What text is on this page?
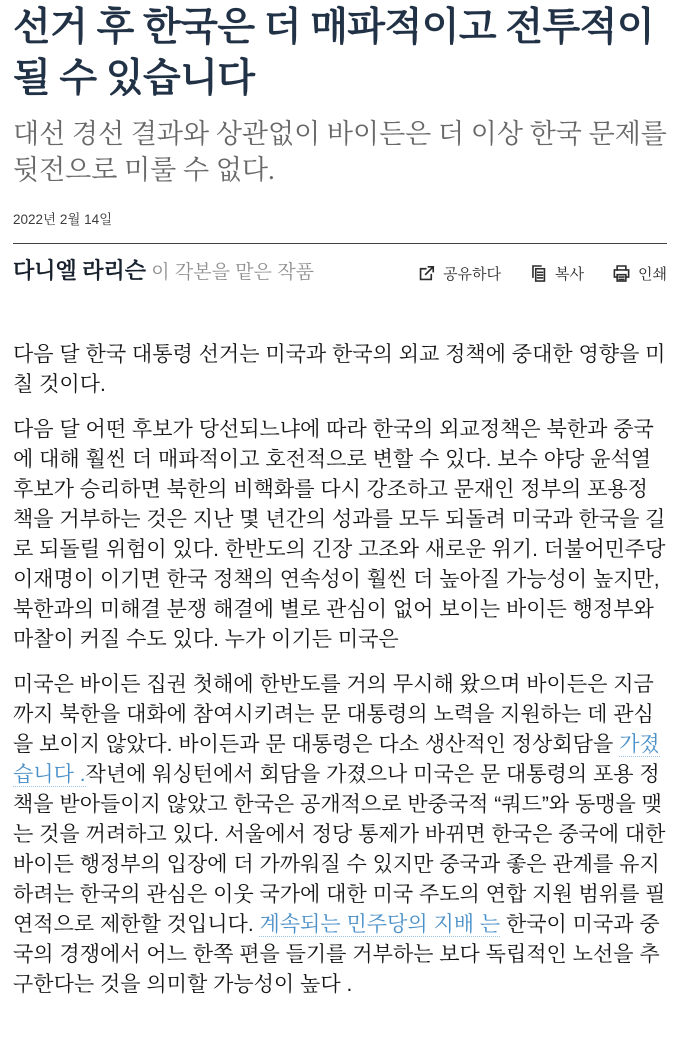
선거 후 한국은 더 매파적이고 전투적이 될 수 있습니다

대선 경선 결과와 상관없이 바이든은 더 이상 한국 문제를 뒷전으로 미룰 수 없다.

2022년 2월 14일
다니엘 라리슨 이 각본을 맡은 작품	공유하다	복사	인쇄

다음 달 한국 대통령 선거는 미국과 한국의 외교 정책에 중대한 영향을 미칠 것이다.

다음 달 어떤 후보가 당선되느냐에 따라 한국의 외교정책은 북한과 중국에 대해 훨씬 더 매파적이고 호전적으로 변할 수 있다. 보수 야당 윤석열 후보가 승리하면 북한의 비핵화를 다시 강조하고 문재인 정부의 포용정책을 거부하는 것은 지난 몇 년간의 성과를 모두 되돌려 미국과 한국을 길로 되돌릴 위험이 있다. 한반도의 긴장 고조와 새로운 위기. 더불어민주당 이재명이 이기면 한국 정책의 연속성이 훨씬 더 높아질 가능성이 높지만, 북한과의 미해결 분쟁 해결에 별로 관심이 없어 보이는 바이든 행정부와 마찰이 커질 수도 있다. 누가 이기든 미국은

미국은 바이든 집권 첫해에 한반도를 거의 무시해 왔으며 바이든은 지금까지 북한을 대화에 참여시키려는 문 대통령의 노력을 지원하는 데 관심을 보이지 않았다. 바이든과 문 대통령은 다소 생산적인 정상회담을 가졌습니다 .작년에 워싱턴에서 회담을 가졌으나 미국은 문 대통령의 포용 정책을 받아들이지 않았고 한국은 공개적으로 반중국적 “쿼드”와 동맹을 맺는 것을 꺼려하고 있다. 서울에서 정당 통제가 바뀌면 한국은 중국에 대한 바이든 행정부의 입장에 더 가까워질 수 있지만 중국과 좋은 관계를 유지하려는 한국의 관심은 이웃 국가에 대한 미국 주도의 연합 지원 범위를 필연적으로 제한할 것입니다. 계속되는 민주당의 지배 는 한국이 미국과 중국의 경쟁에서 어느 한쪽 편을 들기를 거부하는 보다 독립적인 노선을 추구한다는 것을 의미할 가능성이 높다 .
